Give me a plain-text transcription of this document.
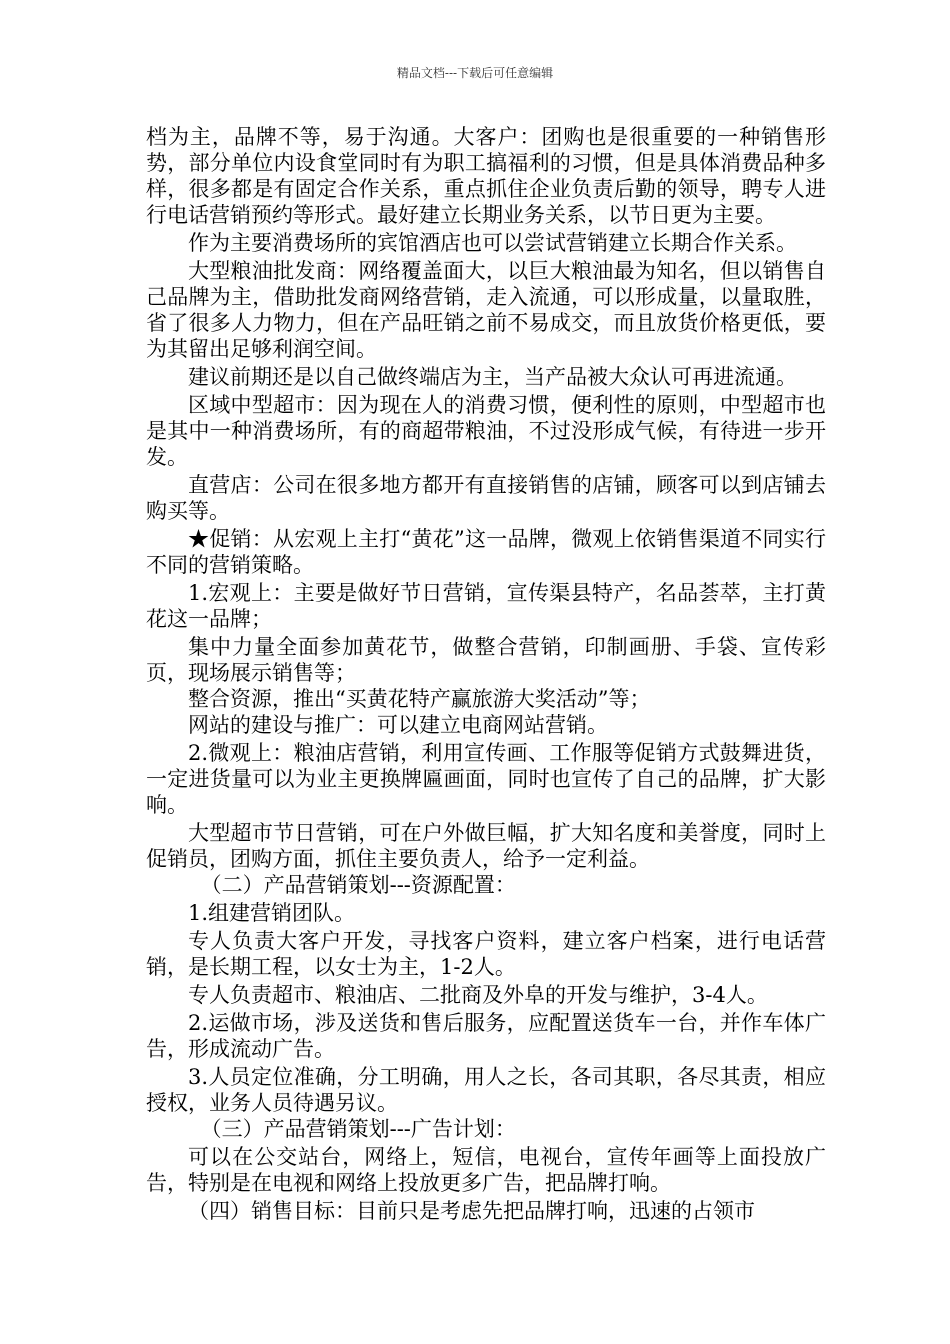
精品文档---下载后可任意编辑

档为主，品牌不等，易于沟通。大客户：团购也是很重要的一种销售形势，部分单位内设食堂同时有为职工搞福利的习惯，但是具体消费品种多样，很多都是有固定合作关系，重点抓住企业负责后勤的领导，聘专人进行电话营销预约等形式。最好建立长期业务关系，以节日更为主要。

作为主要消费场所的宾馆酒店也可以尝试营销建立长期合作关系。

大型粮油批发商：网络覆盖面大，以巨大粮油最为知名，但以销售自己品牌为主，借助批发商网络营销，走入流通，可以形成量，以量取胜，省了很多人力物力，但在产品旺销之前不易成交，而且放货价格更低，要为其留出足够利润空间。

建议前期还是以自己做终端店为主，当产品被大众认可再进流通。

区域中型超市：因为现在人的消费习惯，便利性的原则，中型超市也是其中一种消费场所，有的商超带粮油，不过没形成气候，有待进一步开发。

直营店：公司在很多地方都开有直接销售的店铺，顾客可以到店铺去购买等。

★促销：从宏观上主打“黄花”这一品牌，微观上依销售渠道不同实行不同的营销策略。

1.宏观上：主要是做好节日营销，宣传渠县特产，名品荟萃，主打黄花这一品牌；

集中力量全面参加黄花节，做整合营销，印制画册、手袋、宣传彩页，现场展示销售等；

整合资源，推出“买黄花特产赢旅游大奖活动”等；

网站的建设与推广：可以建立电商网站营销。

2.微观上：粮油店营销，利用宣传画、工作服等促销方式鼓舞进货，一定进货量可以为业主更换牌匾画面，同时也宣传了自己的品牌，扩大影响。

大型超市节日营销，可在户外做巨幅，扩大知名度和美誉度，同时上促销员，团购方面，抓住主要负责人，给予一定利益。

（二）产品营销策划---资源配置：

1.组建营销团队。

专人负责大客户开发，寻找客户资料，建立客户档案，进行电话营销，是长期工程，以女士为主，1-2人。

专人负责超市、粮油店、二批商及外阜的开发与维护，3-4人。

2.运做市场，涉及送货和售后服务，应配置送货车一台，并作车体广告，形成流动广告。

3.人员定位准确，分工明确，用人之长，各司其职，各尽其责，相应授权，业务人员待遇另议。

（三）产品营销策划---广告计划：

可以在公交站台，网络上，短信，电视台，宣传年画等上面投放广告，特别是在电视和网络上投放更多广告，把品牌打响。

（四）销售目标：目前只是考虑先把品牌打响，迅速的占领市
